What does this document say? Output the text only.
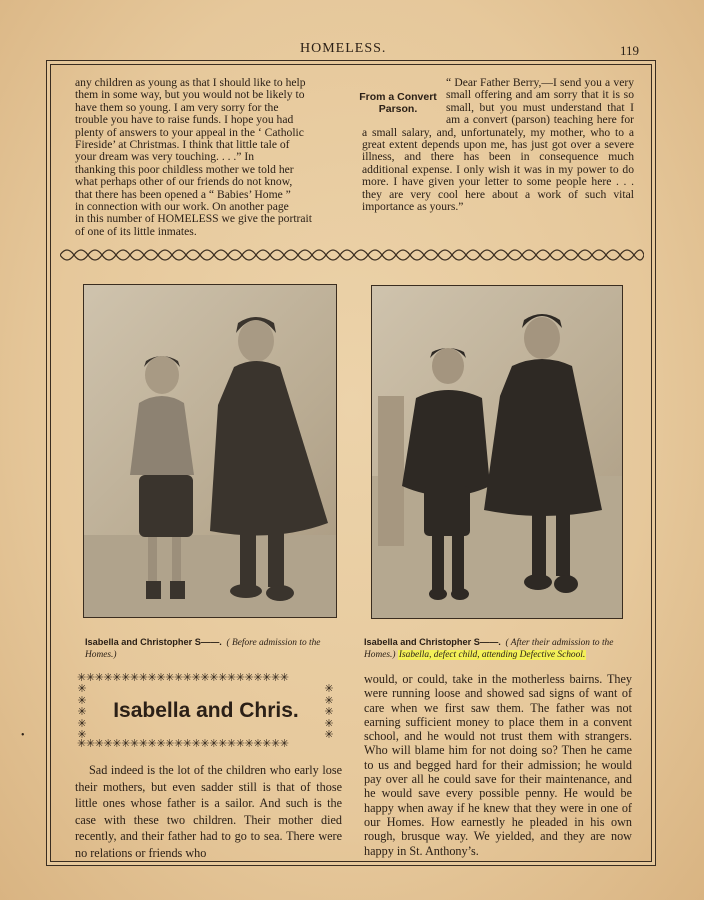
HOMELESS.	119
any children as young as that I should like to help
them in some way, but you would not be likely to
have them so young. I am very sorry for the
trouble you have to raise funds. I hope you had
plenty of answers to your appeal in the ‘ Catholic
Fireside’ at Christmas. I think that little tale of
your dream was very touching. . . .” In
thanking this poor childless mother we told her
what perhaps other of our friends do not know,
that there has been opened a “ Babies’ Home ”
in connection with our work. On another page
in this number of HOMELESS we give the portrait
of one of its little inmates.
From a Convert Parson.
“ Dear Father Berry,—I send you a very small offering and am sorry that it is so small, but you must understand that I am a convert (parson) teaching here for a small salary, and, unfortunately, my mother, who to a great extent depends upon me, has just got over a severe illness, and there has been in consequence much additional expense. I only wish it was in my power to do more. I have given your letter to some people here . . . they are very cool here about a work of such vital importance as yours.”
Isabella and Christopher S——. ( Before admission to the Homes.)
Isabella and Christopher S——. ( After their admission to the Homes.) Isabella, defect child, attending Defective School.
✳✳✳✳✳✳✳✳✳✳✳✳✳✳✳✳✳✳✳✳✳✳✳✳
✳
✳
✳
✳
✳
Isabella and Chris.
✳
✳
✳
✳
✳
✳✳✳✳✳✳✳✳✳✳✳✳✳✳✳✳✳✳✳✳✳✳✳✳
•
Sad indeed is the lot of the children who early lose their mothers, but even sadder still is that of those little ones whose father is a sailor. And such is the case with these two children. Their mother died recently, and their father had to go to sea. There were no relations or friends who
would, or could, take in the motherless bairns. They were running loose and showed sad signs of want of care when we first saw them. The father was not earning sufficient money to place them in a convent school, and he would not trust them with strangers. Who will blame him for not doing so? Then he came to us and begged hard for their admission; he would pay over all he could save for their maintenance, and he would save every possible penny. He would be happy when away if he knew that they were in one of our Homes. How earnestly he pleaded in his own rough, brusque way. We yielded, and they are now happy in St. Anthony’s.
